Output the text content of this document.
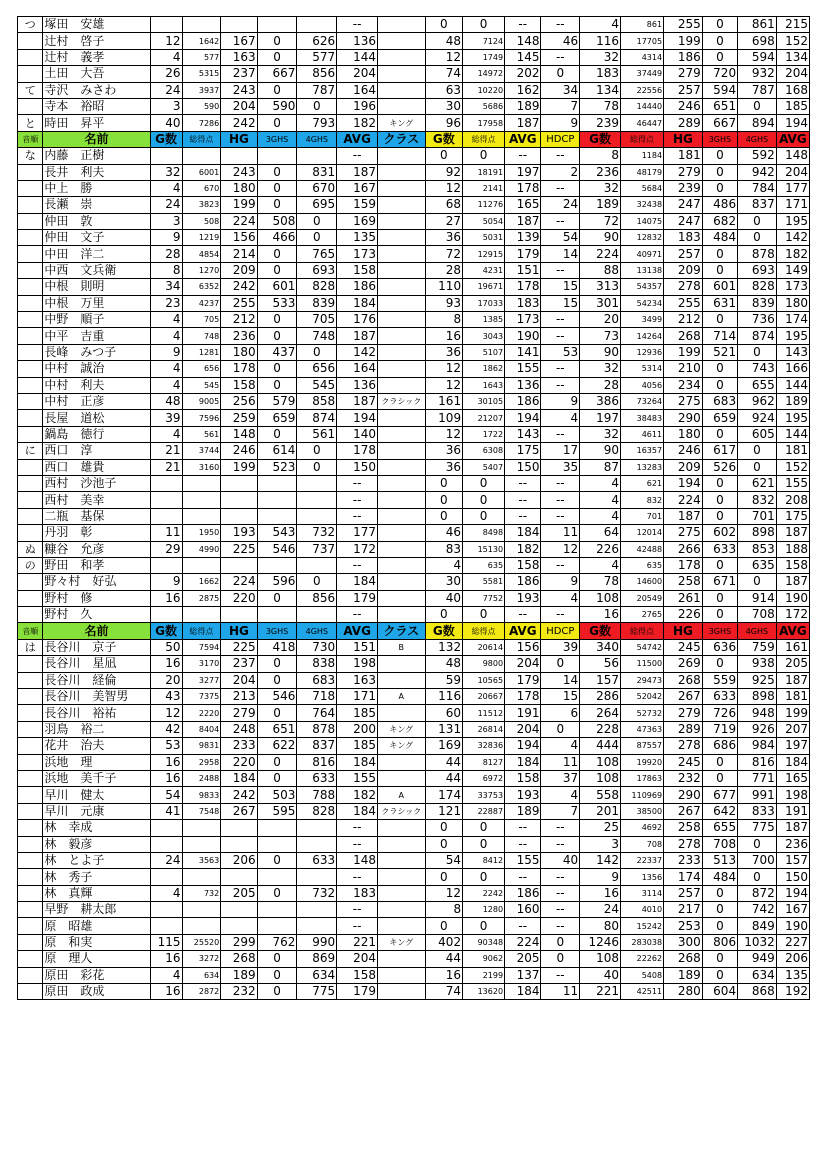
つ	塚田　安雄						--		0	0	--	--	4	861	255	0	861	215
	辻村　啓子	12	1642	167	0	626	136		48	7124	148	46	116	17705	199	0	698	152
	辻村　義孝	4	577	163	0	577	144		12	1749	145	--	32	4314	186	0	594	134
	土田　大吾	26	5315	237	667	856	204		74	14972	202	0	183	37449	279	720	932	204
て	寺沢　みさわ	24	3937	243	0	787	164		63	10220	162	34	134	22556	257	594	787	168
	寺本　裕昭	3	590	204	590	0	196		30	5686	189	7	78	14440	246	651	0	185
と	時田　昇平	40	7286	242	0	793	182	キング	96	17958	187	9	239	46447	289	667	894	194
音順	名前	G数	総得点	HG	3GHS	4GHS	AVG	クラス	G数	総得点	AVG	HDCP	G数	総得点	HG	3GHS	4GHS	AVG
な	内藤　正樹						--		0	0	--	--	8	1184	181	0	592	148
	長井　利夫	32	6001	243	0	831	187		92	18191	197	2	236	48179	279	0	942	204
	中上　勝	4	670	180	0	670	167		12	2141	178	--	32	5684	239	0	784	177
	長瀬　崇	24	3823	199	0	695	159		68	11276	165	24	189	32438	247	486	837	171
	仲田　敦	3	508	224	508	0	169		27	5054	187	--	72	14075	247	682	0	195
	仲田　文子	9	1219	156	466	0	135		36	5031	139	54	90	12832	183	484	0	142
	中田　洋二	28	4854	214	0	765	173		72	12915	179	14	224	40971	257	0	878	182
	中西　文兵衛	8	1270	209	0	693	158		28	4231	151	--	88	13138	209	0	693	149
	中根　則明	34	6352	242	601	828	186		110	19671	178	15	313	54357	278	601	828	173
	中根　万里	23	4237	255	533	839	184		93	17033	183	15	301	54234	255	631	839	180
	中野　順子	4	705	212	0	705	176		8	1385	173	--	20	3499	212	0	736	174
	中平　吉重	4	748	236	0	748	187		16	3043	190	--	73	14264	268	714	874	195
	長峰　みつ子	9	1281	180	437	0	142		36	5107	141	53	90	12936	199	521	0	143
	中村　誠治	4	656	178	0	656	164		12	1862	155	--	32	5314	210	0	743	166
	中村　利夫	4	545	158	0	545	136		12	1643	136	--	28	4056	234	0	655	144
	中村　正彦	48	9005	256	579	858	187	クラシック	161	30105	186	9	386	73264	275	683	962	189
	長屋　道松	39	7596	259	659	874	194		109	21207	194	4	197	38483	290	659	924	195
	鍋島　徳行	4	561	148	0	561	140		12	1722	143	--	32	4611	180	0	605	144
に	西口　淳	21	3744	246	614	0	178		36	6308	175	17	90	16357	246	617	0	181
	西口　雄貴	21	3160	199	523	0	150		36	5407	150	35	87	13283	209	526	0	152
	西村　沙池子						--		0	0	--	--	4	621	194	0	621	155
	西村　美幸						--		0	0	--	--	4	832	224	0	832	208
	二瓶　基保						--		0	0	--	--	4	701	187	0	701	175
	丹羽　彰	11	1950	193	543	732	177		46	8498	184	11	64	12014	275	602	898	187
ぬ	糠谷　允彦	29	4990	225	546	737	172		83	15130	182	12	226	42488	266	633	853	188
の	野田　和孝						--		4	635	158	--	4	635	178	0	635	158
	野々村　好弘	9	1662	224	596	0	184		30	5581	186	9	78	14600	258	671	0	187
	野村　修	16	2875	220	0	856	179		40	7752	193	4	108	20549	261	0	914	190
	野村　久						--		0	0	--	--	16	2765	226	0	708	172
音順	名前	G数	総得点	HG	3GHS	4GHS	AVG	クラス	G数	総得点	AVG	HDCP	G数	総得点	HG	3GHS	4GHS	AVG
は	長谷川　京子	50	7594	225	418	730	151	B	132	20614	156	39	340	54742	245	636	759	161
	長谷川　星凪	16	3170	237	0	838	198		48	9800	204	0	56	11500	269	0	938	205
	長谷川　経倫	20	3277	204	0	683	163		59	10565	179	14	157	29473	268	559	925	187
	長谷川　美智男	43	7375	213	546	718	171	A	116	20667	178	15	286	52042	267	633	898	181
	長谷川　裕祐	12	2220	279	0	764	185		60	11512	191	6	264	52732	279	726	948	199
	羽鳥　裕二	42	8404	248	651	878	200	キング	131	26814	204	0	228	47363	289	719	926	207
	花井　治夫	53	9831	233	622	837	185	キング	169	32836	194	4	444	87557	278	686	984	197
	浜地　理	16	2958	220	0	816	184		44	8127	184	11	108	19920	245	0	816	184
	浜地　美千子	16	2488	184	0	633	155		44	6972	158	37	108	17863	232	0	771	165
	早川　健太	54	9833	242	503	788	182	A	174	33753	193	4	558	110969	290	677	991	198
	早川　元康	41	7548	267	595	828	184	クラシック	121	22887	189	7	201	38500	267	642	833	191
	林　幸成						--		0	0	--	--	25	4692	258	655	775	187
	林　毅彦						--		0	0	--	--	3	708	278	708	0	236
	林　とよ子	24	3563	206	0	633	148		54	8412	155	40	142	22337	233	513	700	157
	林　秀子						--		0	0	--	--	9	1356	174	484	0	150
	林　真輝	4	732	205	0	732	183		12	2242	186	--	16	3114	257	0	872	194
	早野　耕太郎						--		8	1280	160	--	24	4010	217	0	742	167
	原　昭雄						--		0	0	--	--	80	15242	253	0	849	190
	原　和実	115	25520	299	762	990	221	キング	402	90348	224	0	1246	283038	300	806	1032	227
	原　理人	16	3272	268	0	869	204		44	9062	205	0	108	22262	268	0	949	206
	原田　彩花	4	634	189	0	634	158		16	2199	137	--	40	5408	189	0	634	135
	原田　政成	16	2872	232	0	775	179		74	13620	184	11	221	42511	280	604	868	192
